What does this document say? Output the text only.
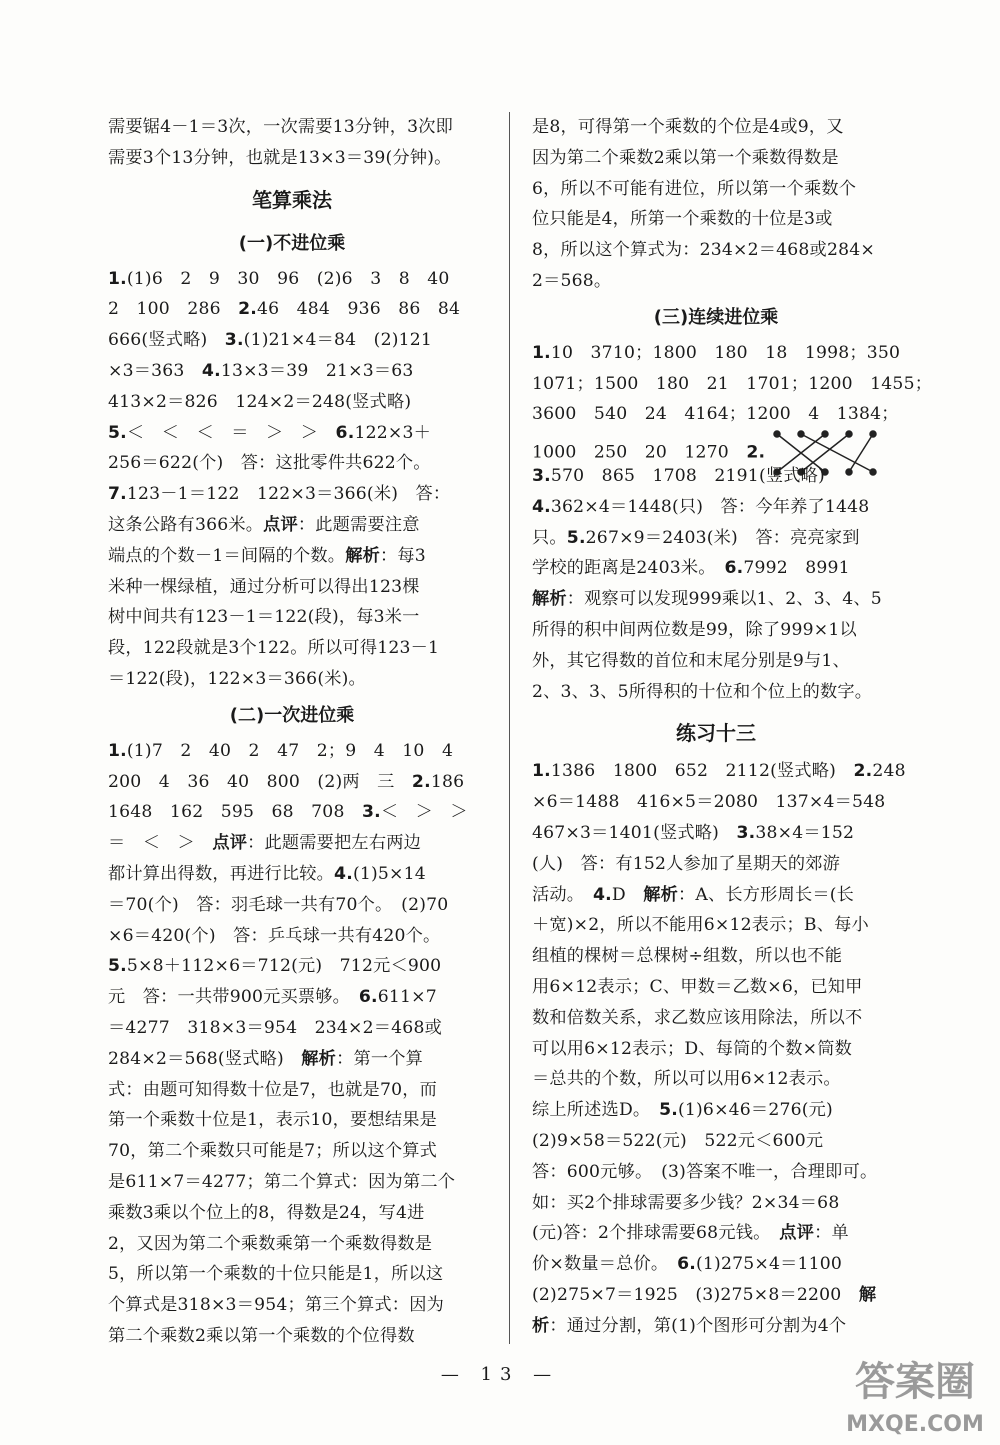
需要锯4－1＝3次，一次需要13分钟，3次即
需要3个13分钟，也就是13×3＝39(分钟)。
笔算乘法
(一)不进位乘
1.(1)6　2　9　30　96　(2)6　3　8　40
2　100　286　2.46　484　936　86　84
666(竖式略)　3.(1)21×4＝84　(2)121
×3＝363　4.13×3＝39　21×3＝63
413×2＝826　124×2＝248(竖式略)
5.＜　＜　＜　＝　＞　＞　6.122×3＋
256＝622(个)　答：这批零件共622个。
7.123－1＝122　122×3＝366(米)　答：
这条公路有366米。点评：此题需要注意
端点的个数－1＝间隔的个数。解析：每3
米种一棵绿植，通过分析可以得出123棵
树中间共有123－1＝122(段)，每3米一
段，122段就是3个122。所以可得123－1
＝122(段)，122×3＝366(米)。
(二)一次进位乘
1.(1)7　2　40　2　47　2；9　4　10　4
200　4　36　40　800　(2)两　三　2.186
1648　162　595　68　708　3.＜　＞　＞
＝　＜　＞　点评：此题需要把左右两边
都计算出得数，再进行比较。4.(1)5×14
＝70(个)　答：羽毛球一共有70个。　(2)70
×6＝420(个)　答：乒乓球一共有420个。
5.5×8＋112×6＝712(元)　712元＜900
元　答：一共带900元买票够。　6.611×7
＝4277　318×3＝954　234×2＝468或
284×2＝568(竖式略)　解析：第一个算
式：由题可知得数十位是7，也就是70，而
第一个乘数十位是1，表示10，要想结果是
70，第二个乘数只可能是7；所以这个算式
是611×7＝4277；第二个算式：因为第二个
乘数3乘以个位上的8，得数是24，写4进
2，又因为第二个乘数乘第一个乘数得数是
5，所以第一个乘数的十位只能是1，所以这
个算式是318×3＝954；第三个算式：因为
第二个乘数2乘以第一个乘数的个位得数
是8，可得第一个乘数的个位是4或9，又
因为第二个乘数2乘以第一个乘数得数是
6，所以不可能有进位，所以第一个乘数个
位只能是4，所第一个乘数的十位是3或
8，所以这个算式为：234×2＝468或284×
2＝568。
(三)连续进位乘
1.10　3710；1800　180　18　1998；350
1071；1500　180　21　1701；1200　1455；
3600　540　24　4164；1200　4　1384；
1000　250　20　1270　2.
3.570　865　1708　2191(竖式略)
4.362×4＝1448(只)　答：今年养了1448
只。5.267×9＝2403(米)　答：亮亮家到
学校的距离是2403米。　6.7992　8991
解析：观察可以发现999乘以1、2、3、4、5
所得的积中间两位数是99，除了999×1以
外，其它得数的首位和末尾分别是9与1、
2、3、3、5所得积的十位和个位上的数字。
练习十三
1.1386　1800　652　2112(竖式略)　2.248
×6＝1488　416×5＝2080　137×4＝548
467×3＝1401(竖式略)　3.38×4＝152
(人)　答：有152人参加了星期天的郊游
活动。　4.D　解析：A、长方形周长＝(长
＋宽)×2，所以不能用6×12表示；B、每小
组植的棵树＝总棵树÷组数，所以也不能
用6×12表示；C、甲数＝乙数×6，已知甲
数和倍数关系，求乙数应该用除法，所以不
可以用6×12表示；D、每筒的个数×筒数
＝总共的个数，所以可以用6×12表示。
综上所述选D。　5.(1)6×46＝276(元)
(2)9×58＝522(元)　522元＜600元
答：600元够。　(3)答案不唯一，合理即可。
如：买2个排球需要多少钱？2×34＝68
(元)答：2个排球需要68元钱。　点评：单
价×数量＝总价。　6.(1)275×4＝1100
(2)275×7＝1925　(3)275×8＝2200　解
析：通过分割，第(1)个图形可分割为4个
— 13 —	答案圈
MXQE.COM
